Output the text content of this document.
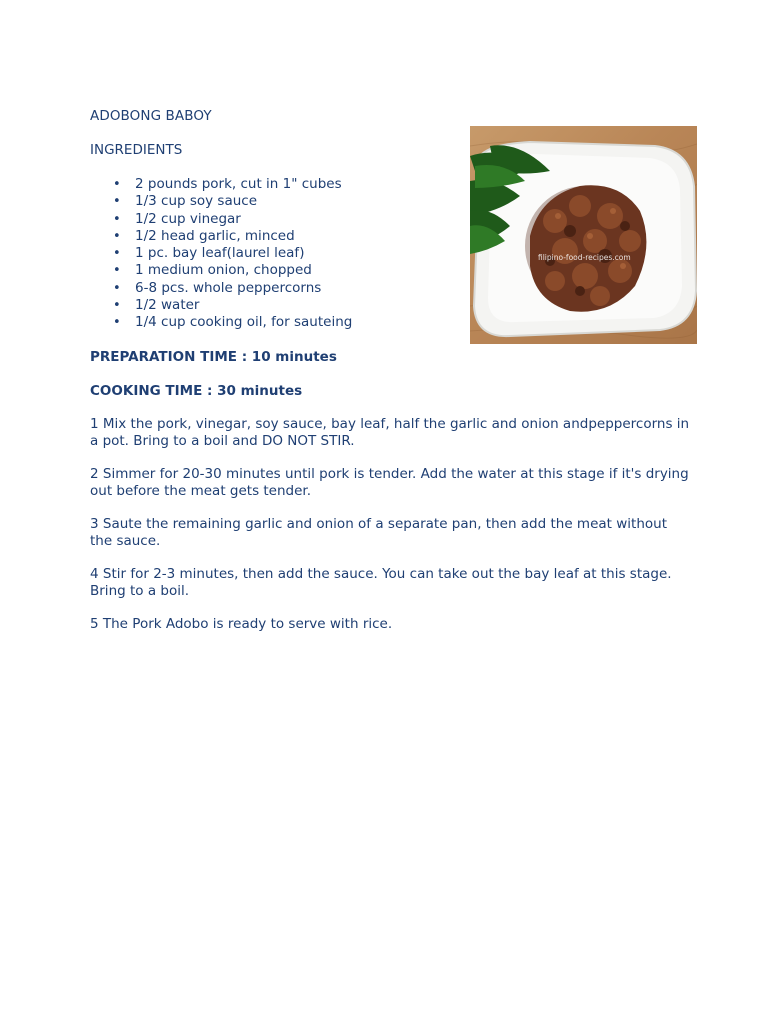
ADOBONG BABOY
INGREDIENTS
• 2 pounds pork, cut in 1" cubes
• 1/3 cup soy sauce
• 1/2 cup vinegar
• 1/2 head garlic, minced
• 1 pc. bay leaf(laurel leaf)
• 1 medium onion, chopped
• 6-8 pcs. whole peppercorns
• 1/2 water
• 1/4 cup cooking oil, for sauteing
filipino-food-recipes.com
PREPARATION TIME : 10 minutes
COOKING TIME : 30 minutes
1 Mix the pork, vinegar, soy sauce, bay leaf, half the garlic and onion andpeppercorns in a pot. Bring to a boil and DO NOT STIR.
2 Simmer for 20-30 minutes until pork is tender. Add the water at this stage if it's drying out before the meat gets tender.
3 Saute the remaining garlic and onion of a separate pan, then add the meat without the sauce.
4 Stir for 2-3 minutes, then add the sauce. You can take out the bay leaf at this stage. Bring to a boil.
5 The Pork Adobo is ready to serve with rice.
